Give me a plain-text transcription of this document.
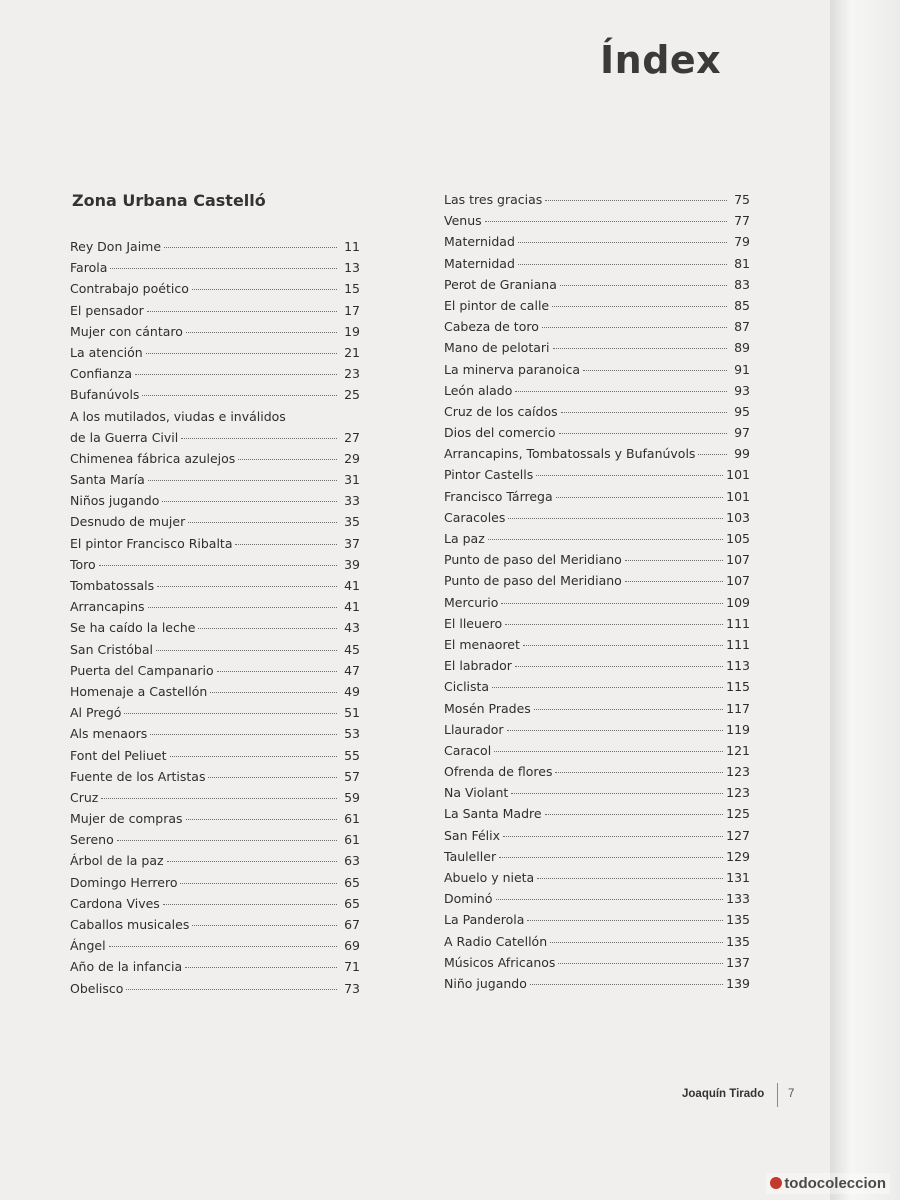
Índex
Zona Urbana Castelló
Rey Don Jaime	11
Farola	13
Contrabajo poético	15
El pensador	17
Mujer con cántaro	19
La atención	21
Confianza	23
Bufanúvols	25
A los mutilados, viudas e inválidos
de la Guerra Civil	27
Chimenea fábrica azulejos	29
Santa María	31
Niños jugando	33
Desnudo de mujer	35
El pintor Francisco Ribalta	37
Toro	39
Tombatossals	41
Arrancapins	41
Se ha caído la leche	43
San Cristóbal	45
Puerta del Campanario	47
Homenaje a Castellón	49
Al Pregó	51
Als menaors	53
Font del Peliuet	55
Fuente de los Artistas	57
Cruz	59
Mujer de compras	61
Sereno	61
Árbol de la paz	63
Domingo Herrero	65
Cardona Vives	65
Caballos musicales	67
Ángel	69
Año de la infancia	71
Obelisco	73
Las tres gracias	75
Venus	77
Maternidad	79
Maternidad	81
Perot de Graniana	83
El pintor de calle	85
Cabeza de toro	87
Mano de pelotari	89
La minerva paranoica	91
León alado	93
Cruz de los caídos	95
Dios del comercio	97
Arrancapins, Tombatossals y Bufanúvols	99
Pintor Castells	101
Francisco Tárrega	101
Caracoles	103
La paz	105
Punto de paso del Meridiano	107
Punto de paso del Meridiano	107
Mercurio	109
El lleuero	111
El menaoret	111
El labrador	113
Ciclista	115
Mosén Prades	117
Llaurador	119
Caracol	121
Ofrenda de flores	123
Na Violant	123
La Santa Madre	125
San Félix	127
Tauleller	129
Abuelo y nieta	131
Dominó	133
La Panderola	135
A Radio Catellón	135
Músicos Africanos	137
Niño jugando	139
Joaquín Tirado 7
todocoleccion
